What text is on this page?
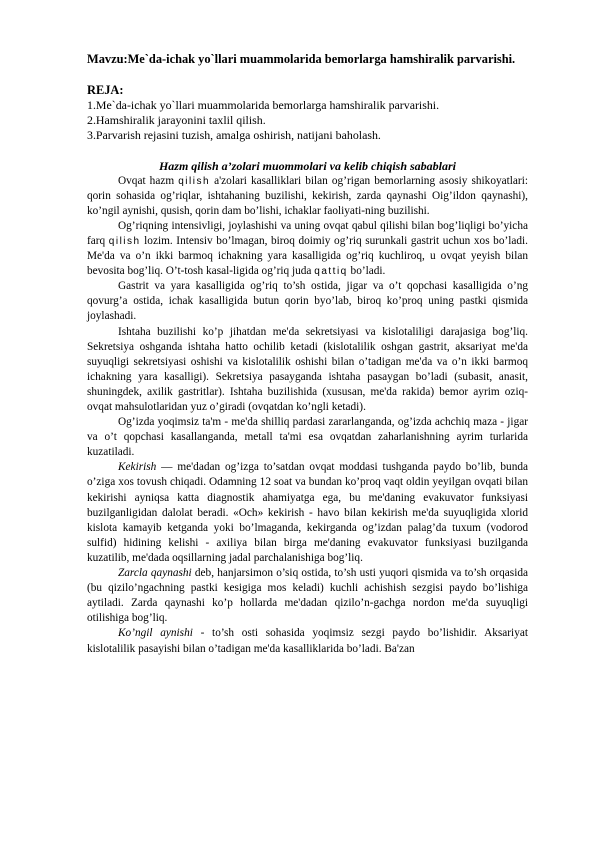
Mavzu:Me`da-ichak yo`llari muammolarida bemorlarga hamshiralik parvarishi.

REJA:

1.Me`da-ichak yo`llari muammolarida bemorlarga hamshiralik parvarishi.

2.Hamshiralik jarayonini taxlil qilish.

3.Parvarish rejasini tuzish, amalga oshirish, natijani baholash.

Hazm qilish a’zolari muommolari va kelib chiqish sabablari

Ovqat hazm qilish a'zolari kasalliklari bilan og’rigan bemorlarning asosiy shikoyatlari: qorin sohasida og’riqlar, ishtahaning buzilishi, kekirish, zarda qaynashi Oig’ildon qaynashi), ko’ngil aynishi, qusish, qorin dam bo’lishi, ichaklar faoliyati-ning buzilishi.

Og’riqning intensivligi, joylashishi va uning ovqat qabul qilishi bilan bog’liqligi bo’yicha farq qilish lozim. Intensiv bo’lmagan, biroq doimiy og’riq surunkali gastrit uchun xos bo’ladi. Me'da va o’n ikki barmoq ichakning yara kasalligida og’riq kuchliroq, u ovqat yeyish bilan bevosita bog’liq. O’t-tosh kasal-ligida og’riq juda qattiq bo’ladi.

Gastrit va yara kasalligida og’riq to’sh ostida, jigar va o’t qopchasi kasalligida o’ng qovurg’a ostida, ichak kasalligida butun qorin byo’lab, biroq ko’proq uning pastki qismida joylashadi.

Ishtaha buzilishi ko’p jihatdan me'da sekretsiyasi va kislotaliligi darajasiga bog’liq. Sekretsiya oshganda ishtaha hatto ochilib ketadi (kislotalilik oshgan gastrit, aksariyat me'da suyuqligi sekretsiyasi oshishi va kislotalilik oshishi bilan o’tadigan me'da va o’n ikki barmoq ichakning yara kasalligi). Sekretsiya pasayganda ishtaha pasaygan bo’ladi (subasit, anasit, shuningdek, axilik gastritlar). Ishtaha buzilishida (xususan, me'da rakida) bemor ayrim oziq-ovqat mahsulotlaridan yuz o’giradi (ovqatdan ko’ngli ketadi).

Og’izda yoqimsiz ta'm - me'da shilliq pardasi zararlanganda, og’izda achchiq maza - jigar va o’t qopchasi kasallanganda, metall ta'mi esa ovqatdan zaharlanishning ayrim turlarida kuzatiladi.

Kekirish — me'dadan og’izga to’satdan ovqat moddasi tushganda paydo bo’lib, bunda o’ziga xos tovush chiqadi. Odamning 12 soat va bundan ko’proq vaqt oldin yeyilgan ovqati bilan kekirishi ayniqsa katta diagnostik ahamiyatga ega, bu me'daning evakuvator funksiyasi buzilganligidan dalolat beradi. «Och» kekirish - havo bilan kekirish me'da suyuqligida xlorid kislota kamayib ketganda yoki bo’lmaganda, kekirganda og’izdan palag’da tuxum (vodorod sulfid) hidining kelishi - axiliya bilan birga me'daning evakuvator funksiyasi buzilganda kuzatilib, me'dada oqsillarning jadal parchalanishiga bog’liq.

Zarcla qaynashi deb, hanjarsimon o’siq ostida, to’sh usti yuqori qismida va to’sh orqasida (bu qizilo’ngachning pastki kesigiga mos keladi) kuchli achishish sezgisi paydo bo’lishiga aytiladi. Zarda qaynashi ko’p hollarda me'dadan qizilo’n-gachga nordon me'da suyuqligi otilishiga bog’liq.

Ko’ngil aynishi - to’sh osti sohasida yoqimsiz sezgi paydo bo’lishidir. Aksariyat kislotalilik pasayishi bilan o’tadigan me'da kasalliklarida bo’ladi. Ba'zan
